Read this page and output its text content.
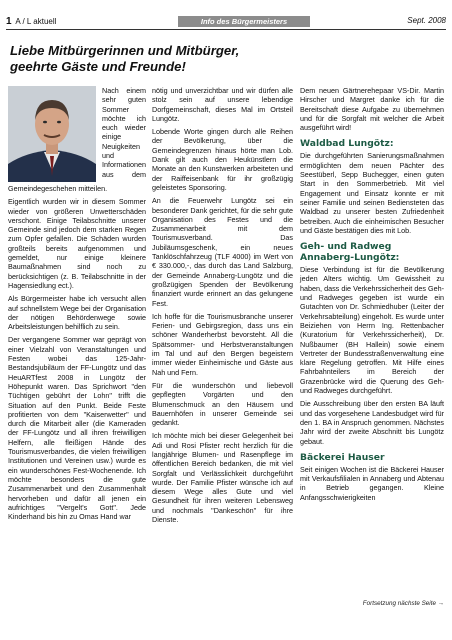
1 A / L aktuell	Info des Bürgermeisters	Sept. 2008
Liebe Mitbürgerinnen und Mitbürger,
geehrte Gäste und Freunde!

Nach einem sehr guten Sommer möchte ich euch wieder einige Neuigkeiten und Informationen aus dem Gemeindegeschehen mitteilen.

Eigentlich wurden wir in diesem Sommer wieder von größeren Unwetterschäden verschont. Einige Teilabschnitte unserer Gemeinde sind jedoch dem starken Regen zum Opfer gefallen. Die Schäden wurden großteils bereits aufgenommen und gemeldet, nur einige kleinere Baumaßnahmen sind noch zu berücksichtigen (z. B. Teilabschnitte in der Hagensiedlung ect.).

Als Bürgermeister habe ich versucht allen auf schnellstem Wege bei der Organisation der nötigen Behördenwege sowie Arbeitsleistungen behilflich zu sein.

Der vergangene Sommer war geprägt von einer Vielzahl von Veranstaltungen und Festen wobei das 125-Jahr-Bestandsjubiläum der FF-Lungötz und das HeuARTfest 2008 in Lungötz der Höhepunkt waren. Das Sprichwort "den Tüchtigen gebührt der Lohn" trifft die Situation auf den Punkt. Beide Feste profitierten von dem "Kaiserwetter" und durch die Mitarbeit aller (die Kameraden der FF-Lungötz und all ihren freiwilligen Helfern, alle fleißigen Hände des Tourismusverbandes, die vielen freiwilligen Institutionen und Vereinen usw.) wurde es ein wunderschönes Fest-Wochenende. Ich möchte besonders die gute Zusammenarbeit und den Zusammenhalt hervorheben und dafür all jenen ein aufrichtiges "Vergelt's Gott". Jede Kinderhand bis hin zu Omas Hand war

nötig und unverzichtbar und wir dürfen alle stolz sein auf unsere lebendige Dorfgemeinschaft, dieses Mal im Ortsteil Lungötz.

Lobende Worte gingen durch alle Reihen der Bevölkerung, über die Gemeindegrenzen hinaus hörte man Lob. Dank gilt auch den Heukünstlern die Monate an den Kunstwerken arbeiteten und der Raiffeisenbank für ihr großzügig geleistetes Sponsoring.

An die Feuerwehr Lungötz sei ein besonderer Dank gerichtet, für die sehr gute Organisation des Festes und die Zusammenarbeit mit dem Tourismusverband. Das Jubiläumsgeschenk, ein neues Tanklöschfahrzeug (TLF 4000) im Wert von € 330.000,-, das durch das Land Salzburg, der Gemeinde Annaberg-Lungötz und die großzügigen Spenden der Bevölkerung finanziert wurde erinnert an das gelungene Fest.

Ich hoffe für die Tourismusbranche unserer Ferien- und Gebirgsregion, dass uns ein schöner Wanderherbst bevorsteht. All die Spätsommer- und Herbstveranstaltungen im Tal und auf den Bergen begeistern immer wieder Einheimische und Gäste aus Nah und Fern.

Für die wunderschön und liebevoll gepflegten Vorgärten und den Blumenschmuck an den Häusern und Bauernhöfen in unserer Gemeinde sei gedankt.

Ich möchte mich bei dieser Gelegenheit bei Adi und Rosi Pfister recht herzlich für die langjährige Blumen- und Rasenpflege im öffentlichen Bereich bedanken, die mit viel Sorgfalt und Verlässlichkeit durchgeführt wurde. Der Familie Pfister wünsche ich auf diesem Wege alles Gute und viel Gesundheit für ihren weiteren Lebensweg und nochmals "Dankeschön" für ihre Dienste.

Dem neuen Gärtnerehepaar VS-Dir. Martin Hirscher und Margret danke ich für die Bereitschaft diese Aufgabe zu übernehmen und für die Sorgfalt mit welcher die Arbeit ausgeführt wird!

Waldbad Lungötz:

Die durchgeführten Sanierungsmaßnahmen ermöglichten dem neuen Pächter des Seestüberl, Sepp Buchegger, einen guten Start in den Sommerbetrieb. Mit viel Engagement und Einsatz konnte er mit seiner Familie und seinen Bediensteten das Waldbad zu unserer besten Zufriedenheit betreiben. Auch die einheimischen Besucher und Gäste bestätigen dies mit Lob.

Geh- und Radweg Annaberg-Lungötz:

Diese Verbindung ist für die Bevölkerung jeden Alters wichtig. Um Gewissheit zu haben, dass die Verkehrssicherheit des Geh- und Radweges gegeben ist wurde ein Gutachten von Dr. Schmiedhuber (Leiter der Verkehrsabteilung) eingeholt. Es wurde unter Beiziehen von Herrn Ing. Rettenbacher (Kuratorium für Verkehrssicherheit), Dr. Nußbaumer (BH Hallein) sowie einem Vertreter der Bundesstraßenverwaltung eine klare Regelung getroffen. Mit Hilfe eines Fahrbahnteilers im Bereich der Grazenbrücke wird die Querung des Geh- und Radweges durchgeführt.

Die Ausschreibung über den ersten BA läuft und das vorgesehene Landesbudget wird für den 1. BA in Anspruch genommen. Nächstes Jahr wird der zweite Abschnitt bis Lungötz gebaut.

Bäckerei Hauser

Seit einigen Wochen ist die Bäckerei Hauser mit Verkaufsfilialen in Annaberg und Abtenau in Betrieb gegangen. Kleine Anfangsschwierigkeiten

Fortsetzung nächste Seite →
